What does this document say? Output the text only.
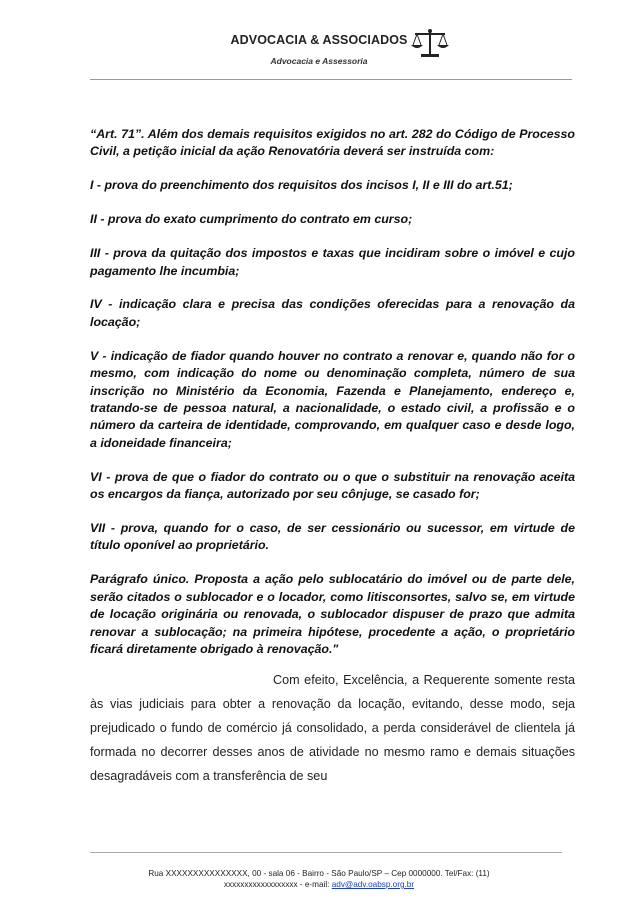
ADVOCACIA & ASSOCIADOS
Advocacia e Assessoria

“Art. 71”. Além dos demais requisitos exigidos no art. 282 do Código de Processo Civil, a petição inicial da ação Renovatória deverá ser instruída com:

I - prova do preenchimento dos requisitos dos incisos I, II e III do art.51;

II - prova do exato cumprimento do contrato em curso;

III - prova da quitação dos impostos e taxas que incidiram sobre o imóvel e cujo pagamento lhe incumbia;

IV - indicação clara e precisa das condições oferecidas para a renovação da locação;

V - indicação de fiador quando houver no contrato a renovar e, quando não for o mesmo, com indicação do nome ou denominação completa, número de sua inscrição no Ministério da Economia, Fazenda e Planejamento, endereço e, tratando-se de pessoa natural, a nacionalidade, o estado civil, a profissão e o número da carteira de identidade, comprovando, em qualquer caso e desde logo, a idoneidade financeira;

VI - prova de que o fiador do contrato ou o que o substituir na renovação aceita os encargos da fiança, autorizado por seu cônjuge, se casado for;

VII - prova, quando for o caso, de ser cessionário ou sucessor, em virtude de título oponível ao proprietário.

Parágrafo único. Proposta a ação pelo sublocatário do imóvel ou de parte dele, serão citados o sublocador e o locador, como litisconsortes, salvo se, em virtude de locação originária ou renovada, o sublocador dispuser de prazo que admita renovar a sublocação; na primeira hipótese, procedente a ação, o proprietário ficará diretamente obrigado à renovação."

Com efeito, Excelência, a Requerente somente resta às vias judiciais para obter a renovação da locação, evitando, desse modo, seja prejudicado o fundo de comércio já consolidado, a perda considerável de clientela já formada no decorrer desses anos de atividade no mesmo ramo e demais situações desagradáveis com a transferência de seu

Rua XXXXXXXXXXXXXXX, 00 - sala 06 - Bairro - São Paulo/SP – Cep 0000000. Tel/Fax: (11)
xxxxxxxxxxxxxxxxxx - e-mail: adv@adv.oabsp.org.br
